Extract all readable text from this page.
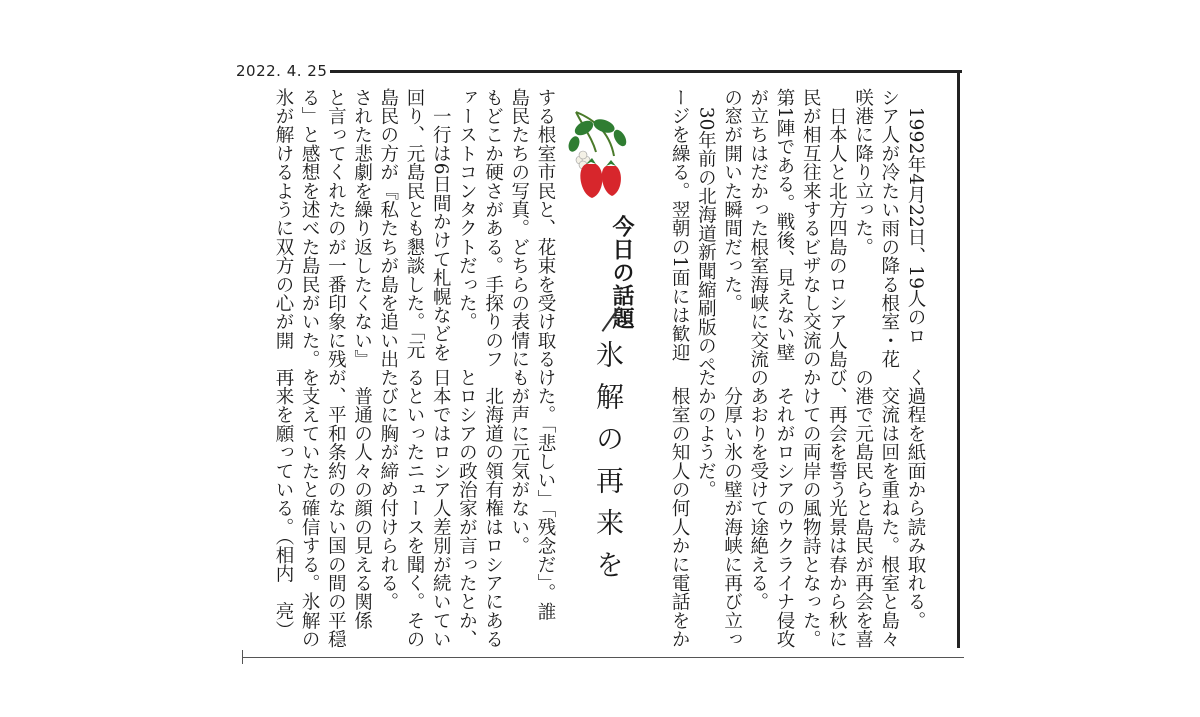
2022. 4. 25
　1992年4月22日、19人のロ
シア人が冷たい雨の降る根室・花
咲港に降り立った。
　日本人と北方四島のロシア人島
民が相互往来するビザなし交流の
第1陣である。戦後、見えない壁
が立ちはだかった根室海峡に交流
の窓が開いた瞬間だった。
　30年前の北海道新聞縮刷版のペ
ージを繰る。翌朝の1面には歓迎
今日の話題
氷解の再来を
する根室市民と、花束を受け取る
島民たちの写真。どちらの表情に
もどこか硬さがある。手探りのフ
ァーストコンタクトだった。
　一行は6日間かけて札幌などを
回り、元島民とも懇談した。「元
島民の方が『私たちが島を追い出
された悲劇を繰り返したくない』
と言ってくれたのが一番印象に残
る」と感想を述べた島民がいた。
氷が解けるように双方の心が開
く過程を紙面から読み取れる。
　交流は回を重ねた。根室と島々
の港で元島民らと島民が再会を喜
び、再会を誓う光景は春から秋に
かけての両岸の風物詩となった。
　それがロシアのウクライナ侵攻
のあおりを受けて途絶える。
　分厚い氷の壁が海峡に再び立っ
たかのようだ。
　根室の知人の何人かに電話をか
けた。「悲しい」「残念だ」。誰
もが声に元気がない。
　北海道の領有権はロシアにある
とロシアの政治家が言ったとか、
日本ではロシア人差別が続いてい
るといったニュースを聞く。その
たびに胸が締め付けられる。
　普通の人々の顔の見える関係
が、平和条約のない国の間の平穏
を支えていたと確信する。氷解の
再来を願っている。（相内　亮）
